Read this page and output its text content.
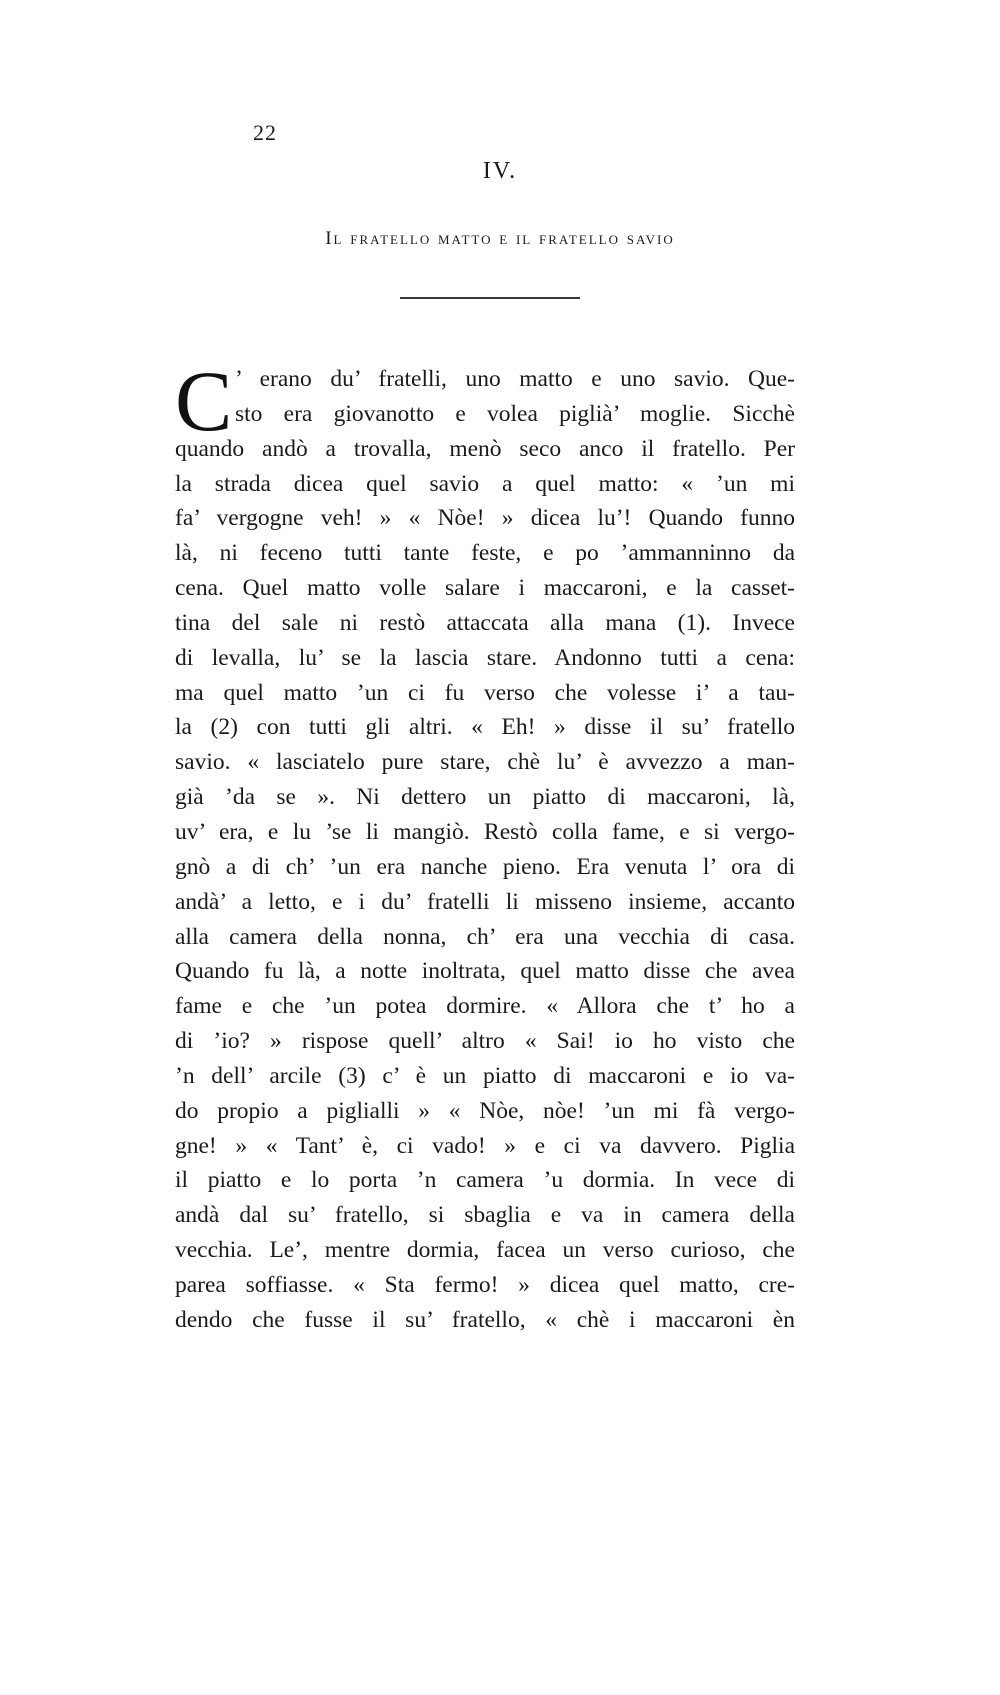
22
IV.
Il fratello matto e il fratello savio
C ’ erano du’ fratelli, uno matto e uno savio. Que-
sto era giovanotto e volea piglià’ moglie. Sicchè
quando andò a trovalla, menò seco anco il fratello. Per
la strada dicea quel savio a quel matto: « ’un mi
fa’ vergogne veh! » « Nòe! » dicea lu’! Quando funno
là, ni feceno tutti tante feste, e po ’ammanninno da
cena. Quel matto volle salare i maccaroni, e la casset-
tina del sale ni restò attaccata alla mana (1). Invece
di levalla, lu’ se la lascia stare. Andonno tutti a cena:
ma quel matto ’un ci fu verso che volesse i’ a tau-
la (2) con tutti gli altri. « Eh! » disse il su’ fratello
savio. « lasciatelo pure stare, chè lu’ è avvezzo a man-
già ’da se ». Ni dettero un piatto di maccaroni, là,
uv’ era, e lu ’se li mangiò. Restò colla fame, e si vergo-
gnò a di ch’ ’un era nanche pieno. Era venuta l’ ora di
andà’ a letto, e i du’ fratelli li misseno insieme, accanto
alla camera della nonna, ch’ era una vecchia di casa.
Quando fu là, a notte inoltrata, quel matto disse che avea
fame e che ’un potea dormire. « Allora che t’ ho a
di ’io? » rispose quell’ altro « Sai! io ho visto che
’n dell’ arcile (3) c’ è un piatto di maccaroni e io va-
do propio a piglialli » « Nòe, nòe! ’un mi fà vergo-
gne! » « Tant’ è, ci vado! » e ci va davvero. Piglia
il piatto e lo porta ’n camera ’u dormia. In vece di
andà dal su’ fratello, si sbaglia e va in camera della
vecchia. Le’, mentre dormia, facea un verso curioso, che
parea soffiasse. « Sta fermo! » dicea quel matto, cre-
dendo che fusse il su’ fratello, « chè i maccaroni èn
